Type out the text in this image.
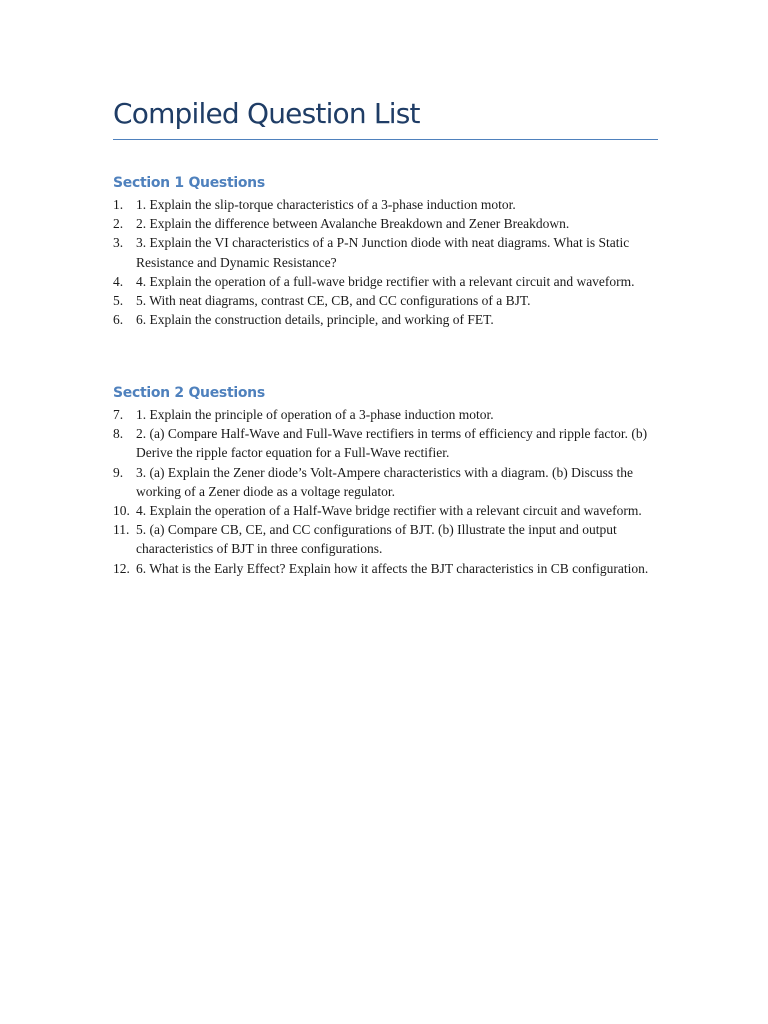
Compiled Question List
Section 1 Questions
1. 1. Explain the slip-torque characteristics of a 3-phase induction motor.
2. 2. Explain the difference between Avalanche Breakdown and Zener Breakdown.
3. 3. Explain the VI characteristics of a P-N Junction diode with neat diagrams. What is Static Resistance and Dynamic Resistance?
4. 4. Explain the operation of a full-wave bridge rectifier with a relevant circuit and waveform.
5. 5. With neat diagrams, contrast CE, CB, and CC configurations of a BJT.
6. 6. Explain the construction details, principle, and working of FET.
Section 2 Questions
7. 1. Explain the principle of operation of a 3-phase induction motor.
8. 2. (a) Compare Half-Wave and Full-Wave rectifiers in terms of efficiency and ripple factor. (b) Derive the ripple factor equation for a Full-Wave rectifier.
9. 3. (a) Explain the Zener diode’s Volt-Ampere characteristics with a diagram. (b) Discuss the working of a Zener diode as a voltage regulator.
10. 4. Explain the operation of a Half-Wave bridge rectifier with a relevant circuit and waveform.
11. 5. (a) Compare CB, CE, and CC configurations of BJT. (b) Illustrate the input and output characteristics of BJT in three configurations.
12. 6. What is the Early Effect? Explain how it affects the BJT characteristics in CB configuration.
